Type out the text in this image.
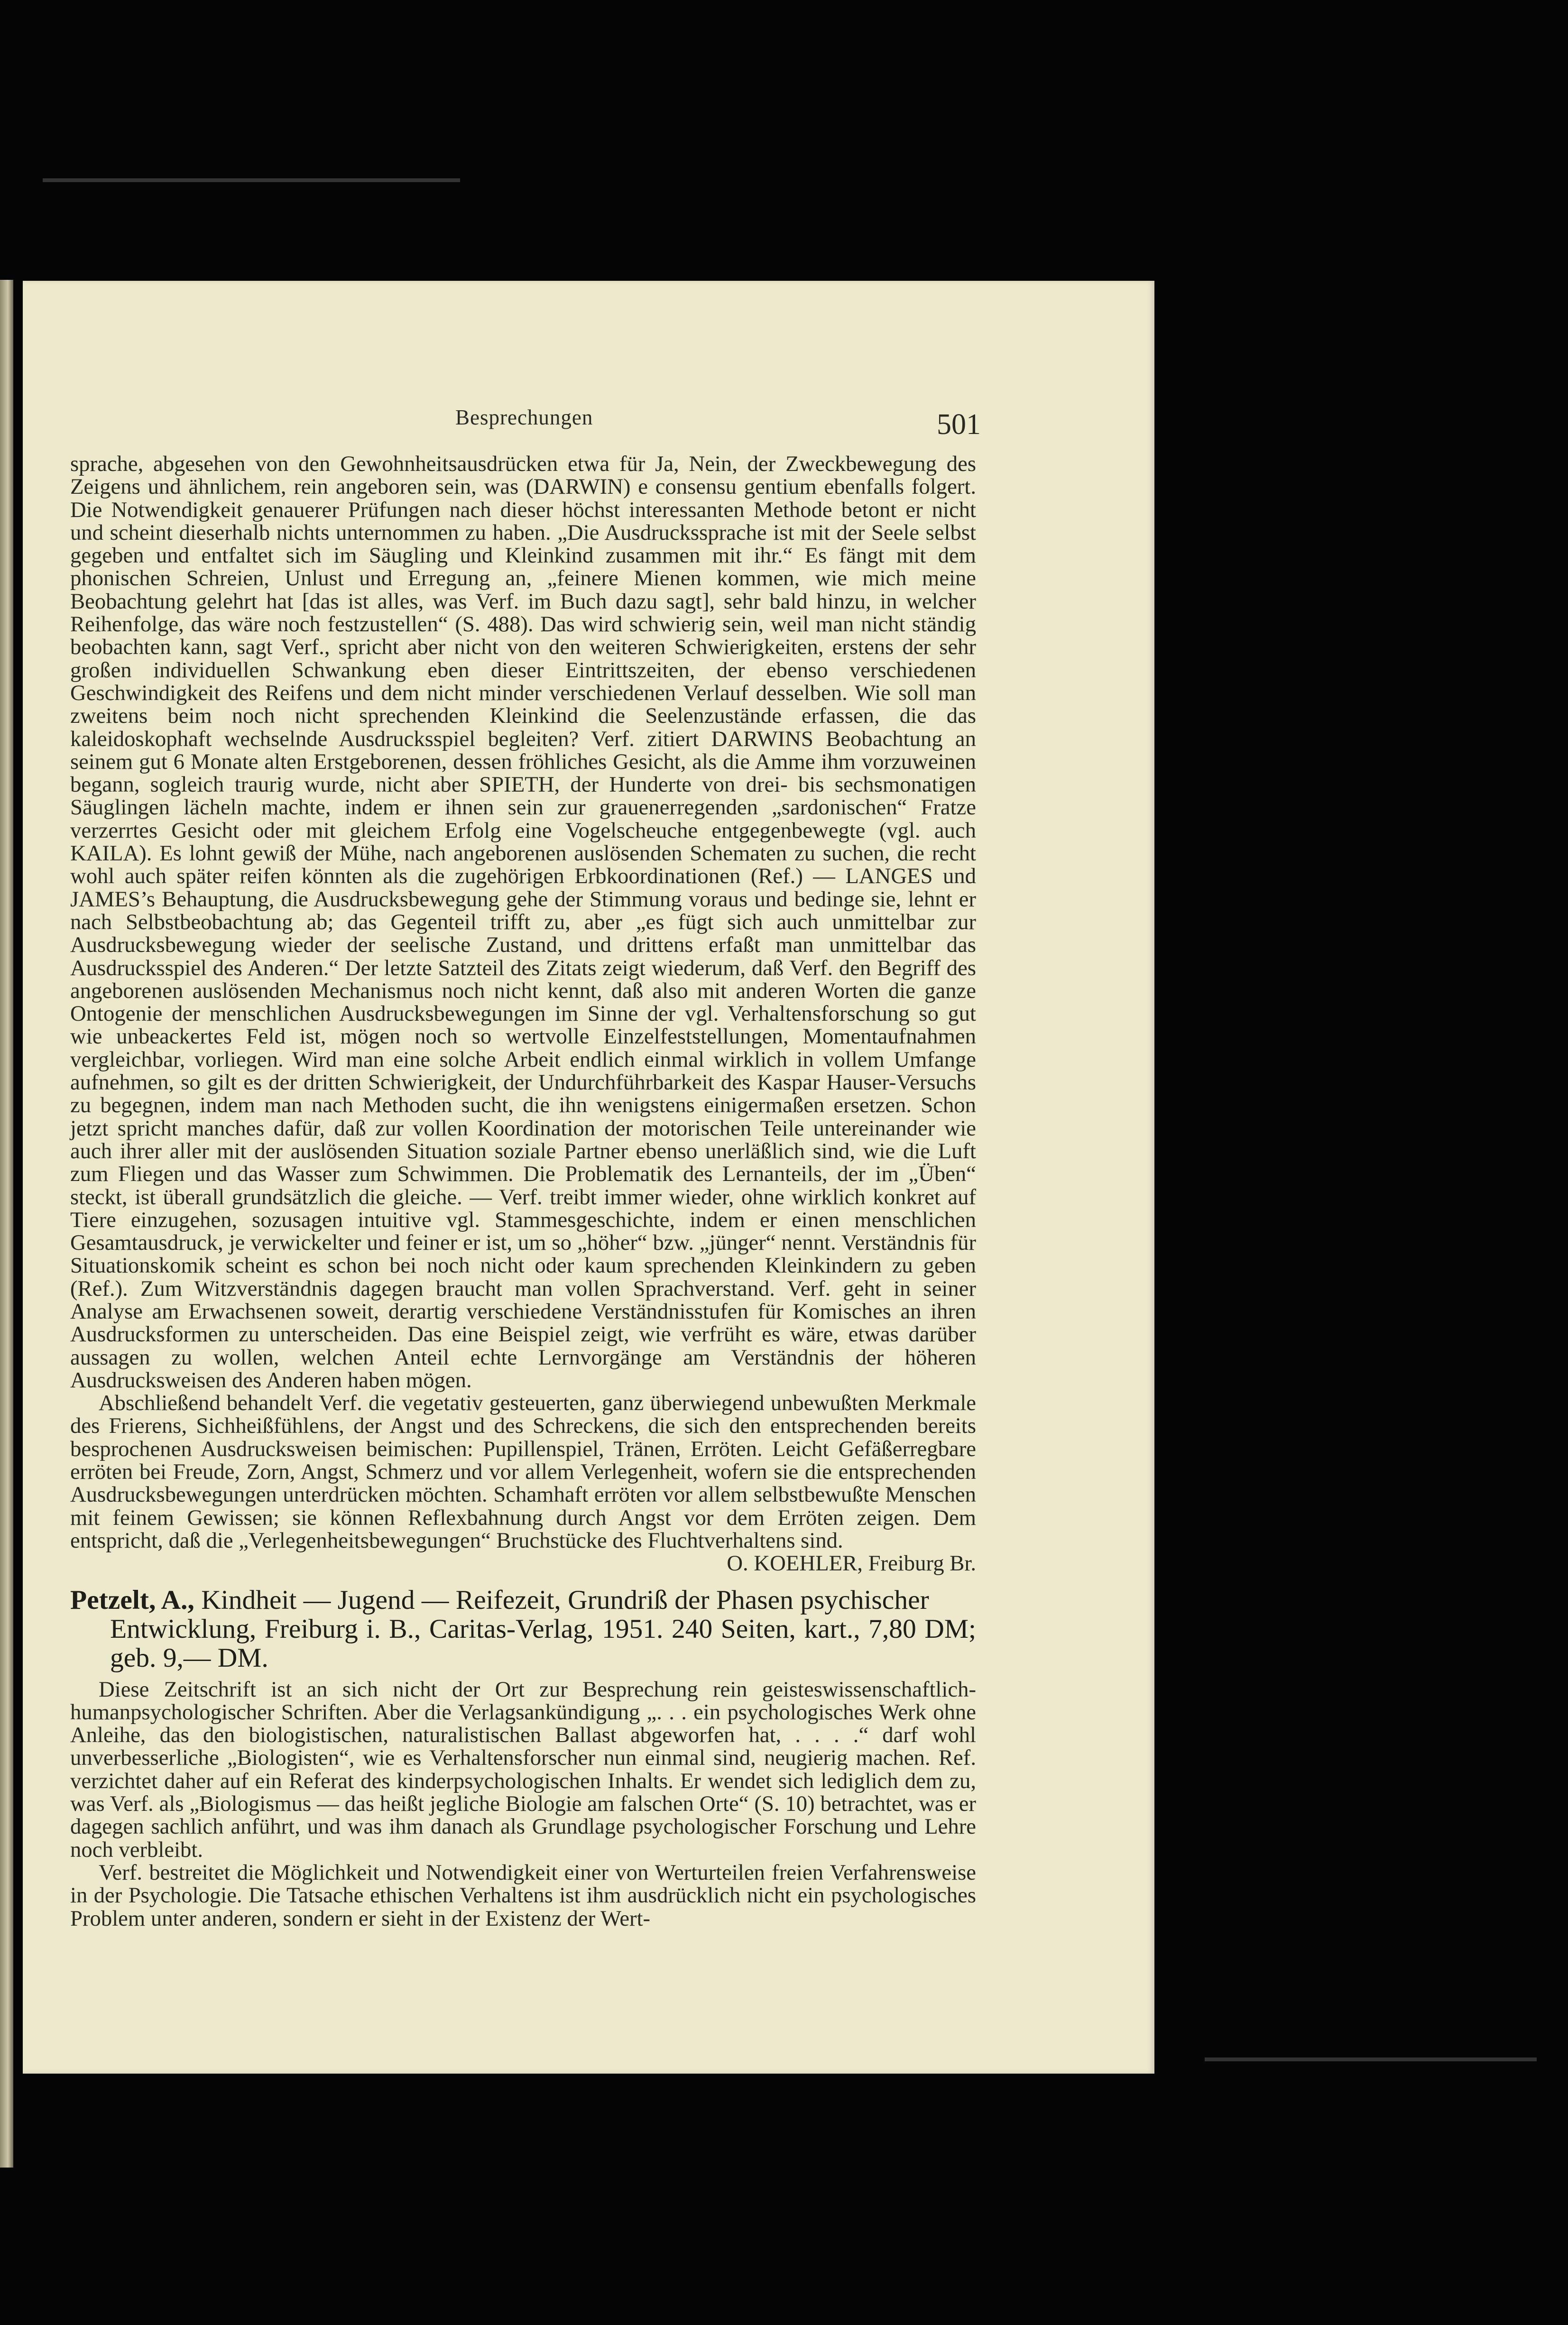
Besprechungen	501

sprache, abgesehen von den Gewohnheitsausdrücken etwa für Ja, Nein, der Zweckbewegung des Zeigens und ähnlichem, rein angeboren sein, was (DARWIN) e consensu gentium ebenfalls folgert. Die Notwendigkeit genauerer Prüfungen nach dieser höchst interessanten Methode betont er nicht und scheint dieserhalb nichts unternommen zu haben. „Die Ausdruckssprache ist mit der Seele selbst gegeben und entfaltet sich im Säugling und Kleinkind zusammen mit ihr.“ Es fängt mit dem phonischen Schreien, Unlust und Erregung an, „feinere Mienen kommen, wie mich meine Beobachtung gelehrt hat [das ist alles, was Verf. im Buch dazu sagt], sehr bald hinzu, in welcher Reihenfolge, das wäre noch festzustellen“ (S. 488). Das wird schwierig sein, weil man nicht ständig beobachten kann, sagt Verf., spricht aber nicht von den weiteren Schwierigkeiten, erstens der sehr großen individuellen Schwankung eben dieser Eintrittszeiten, der ebenso verschiedenen Geschwindigkeit des Reifens und dem nicht minder verschiedenen Verlauf desselben. Wie soll man zweitens beim noch nicht sprechenden Kleinkind die Seelenzustände erfassen, die das kaleidoskophaft wechselnde Ausdrucksspiel begleiten? Verf. zitiert DARWINS Beobachtung an seinem gut 6 Monate alten Erstgeborenen, dessen fröhliches Gesicht, als die Amme ihm vorzuweinen begann, sogleich traurig wurde, nicht aber SPIETH, der Hunderte von drei- bis sechsmonatigen Säuglingen lächeln machte, indem er ihnen sein zur grauenerregenden „sardonischen“ Fratze verzerrtes Gesicht oder mit gleichem Erfolg eine Vogelscheuche entgegenbewegte (vgl. auch KAILA). Es lohnt gewiß der Mühe, nach angeborenen auslösenden Schematen zu suchen, die recht wohl auch später reifen könnten als die zugehörigen Erbkoordinationen (Ref.) — LANGES und JAMES’s Behauptung, die Ausdrucksbewegung gehe der Stimmung voraus und bedinge sie, lehnt er nach Selbstbeobachtung ab; das Gegenteil trifft zu, aber „es fügt sich auch unmittelbar zur Ausdrucksbewegung wieder der seelische Zustand, und drittens erfaßt man unmittelbar das Ausdrucksspiel des Anderen.“ Der letzte Satzteil des Zitats zeigt wiederum, daß Verf. den Begriff des angeborenen auslösenden Mechanismus noch nicht kennt, daß also mit anderen Worten die ganze Ontogenie der menschlichen Ausdrucksbewegungen im Sinne der vgl. Verhaltensforschung so gut wie unbeackertes Feld ist, mögen noch so wertvolle Einzelfeststellungen, Momentaufnahmen vergleichbar, vorliegen. Wird man eine solche Arbeit endlich einmal wirklich in vollem Umfange aufnehmen, so gilt es der dritten Schwierigkeit, der Undurchführbarkeit des Kaspar Hauser-Versuchs zu begegnen, indem man nach Methoden sucht, die ihn wenigstens einigermaßen ersetzen. Schon jetzt spricht manches dafür, daß zur vollen Koordination der motorischen Teile untereinander wie auch ihrer aller mit der auslösenden Situation soziale Partner ebenso unerläßlich sind, wie die Luft zum Fliegen und das Wasser zum Schwimmen. Die Problematik des Lernanteils, der im „Üben“ steckt, ist überall grundsätzlich die gleiche. — Verf. treibt immer wieder, ohne wirklich konkret auf Tiere einzugehen, sozusagen intuitive vgl. Stammesgeschichte, indem er einen menschlichen Gesamtausdruck, je verwickelter und feiner er ist, um so „höher“ bzw. „jünger“ nennt. Verständnis für Situationskomik scheint es schon bei noch nicht oder kaum sprechenden Kleinkindern zu geben (Ref.). Zum Witzverständnis dagegen braucht man vollen Sprachverstand. Verf. geht in seiner Analyse am Erwachsenen soweit, derartig verschiedene Verständnisstufen für Komisches an ihren Ausdrucksformen zu unterscheiden. Das eine Beispiel zeigt, wie verfrüht es wäre, etwas darüber aussagen zu wollen, welchen Anteil echte Lernvorgänge am Verständnis der höheren Ausdrucksweisen des Anderen haben mögen.

Abschließend behandelt Verf. die vegetativ gesteuerten, ganz überwiegend unbewußten Merkmale des Frierens, Sichheißfühlens, der Angst und des Schreckens, die sich den entsprechenden bereits besprochenen Ausdrucksweisen beimischen: Pupillenspiel, Tränen, Erröten. Leicht Gefäßerregbare erröten bei Freude, Zorn, Angst, Schmerz und vor allem Verlegenheit, wofern sie die entsprechenden Ausdrucksbewegungen unterdrücken möchten. Schamhaft erröten vor allem selbstbewußte Menschen mit feinem Gewissen; sie können Reflexbahnung durch Angst vor dem Erröten zeigen. Dem entspricht, daß die „Verlegenheitsbewegungen“ Bruchstücke des Fluchtverhaltens sind.
O. KOEHLER, Freiburg Br.

Petzelt, A., Kindheit — Jugend — Reifezeit, Grundriß der Phasen psychischer
Entwicklung, Freiburg i. B., Caritas-Verlag, 1951. 240 Seiten, kart., 7,80 DM; geb. 9,— DM.

Diese Zeitschrift ist an sich nicht der Ort zur Besprechung rein geisteswissenschaftlich-humanpsychologischer Schriften. Aber die Verlagsankündigung „. . . ein psychologisches Werk ohne Anleihe, das den biologistischen, naturalistischen Ballast abgeworfen hat, . . . .“ darf wohl unverbesserliche „Biologisten“, wie es Verhaltensforscher nun einmal sind, neugierig machen. Ref. verzichtet daher auf ein Referat des kinderpsychologischen Inhalts. Er wendet sich lediglich dem zu, was Verf. als „Biologismus — das heißt jegliche Biologie am falschen Orte“ (S. 10) betrachtet, was er dagegen sachlich anführt, und was ihm danach als Grundlage psychologischer Forschung und Lehre noch verbleibt.

Verf. bestreitet die Möglichkeit und Notwendigkeit einer von Werturteilen freien Verfahrensweise in der Psychologie. Die Tatsache ethischen Verhaltens ist ihm ausdrücklich nicht ein psychologisches Problem unter anderen, sondern er sieht in der Existenz der Wert-
